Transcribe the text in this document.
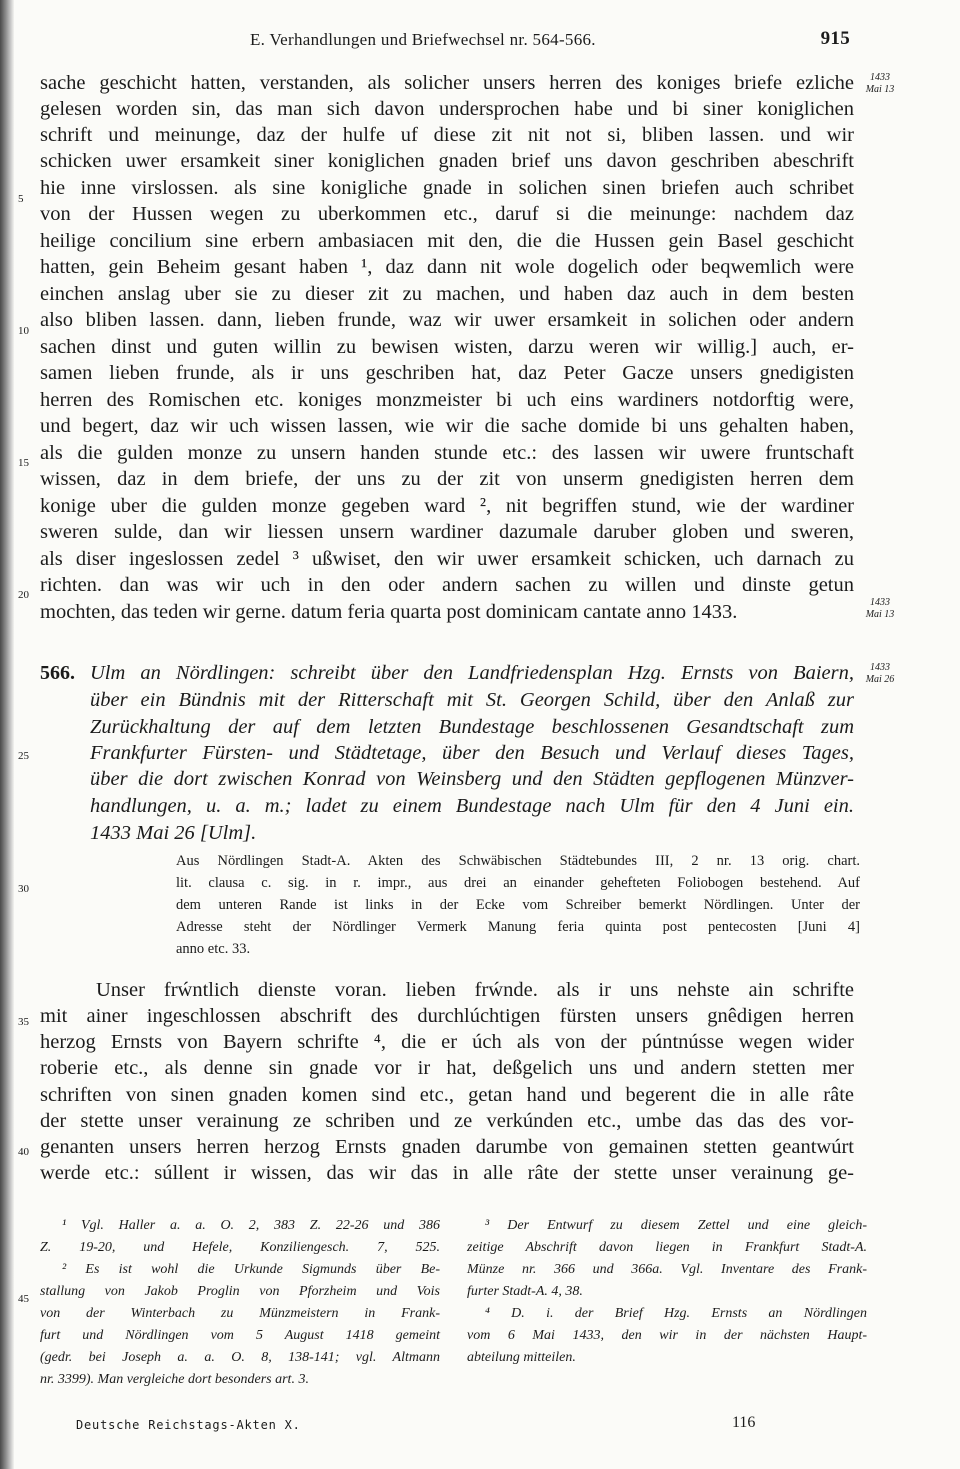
E. Verhandlungen und Briefwechsel nr. 564-566.	915
1433
Mai 13
1433
Mai 13
1433
Mai 26
5
10
15
20
25
30
35
40
45
sache geschicht hatten, verstanden, als solicher unsers herren des koniges briefe ezliche
gelesen worden sin, das man sich davon undersprochen habe und bi siner koniglichen
schrift und meinunge, daz der hulfe uf diese zit nit not si, bliben lassen. und wir
schicken uwer ersamkeit siner koniglichen gnaden brief uns davon geschriben abeschrift
hie inne virslossen. als sine konigliche gnade in solichen sinen briefen auch schribet
von der Hussen wegen zu uberkommen etc., daruf si die meinunge: nachdem daz
heilige concilium sine erbern ambasiacen mit den, die die Hussen gein Basel geschicht
hatten, gein Beheim gesant haben ¹, daz dann nit wole dogelich oder beqwemlich were
einchen anslag uber sie zu dieser zit zu machen, und haben daz auch in dem besten
also bliben lassen. dann, lieben frunde, waz wir uwer ersamkeit in solichen oder andern
sachen dinst und guten willin zu bewisen wisten, darzu weren wir willig.] auch, er-
samen lieben frunde, als ir uns geschriben hat, daz Peter Gacze unsers gnedigisten
herren des Romischen etc. koniges monzmeister bi uch eins wardiners notdorftig were,
und begert, daz wir uch wissen lassen, wie wir die sache domide bi uns gehalten haben,
als die gulden monze zu unsern handen stunde etc.: des lassen wir uwere fruntschaft
wissen, daz in dem briefe, der uns zu der zit von unserm gnedigisten herren dem
konige uber die gulden monze gegeben ward ², nit begriffen stund, wie der wardiner
sweren sulde, dan wir liessen unsern wardiner dazumale daruber globen und sweren,
als diser ingeslossen zedel ³ ußwiset, den wir uwer ersamkeit schicken, uch darnach zu
richten. dan was wir uch in den oder andern sachen zu willen und dinste getun
mochten, das teden wir gerne. datum feria quarta post dominicam cantate anno 1433.
566. Ulm an Nördlingen: schreibt über den Landfriedensplan Hzg. Ernsts von Baiern,
über ein Bündnis mit der Ritterschaft mit St. Georgen Schild, über den Anlaß zur
Zurückhaltung der auf dem letzten Bundestage beschlossenen Gesandtschaft zum
Frankfurter Fürsten- und Städtetage, über den Besuch und Verlauf dieses Tages,
über die dort zwischen Konrad von Weinsberg und den Städten gepflogenen Münzver-
handlungen, u. a. m.; ladet zu einem Bundestage nach Ulm für den 4 Juni ein.
1433 Mai 26 [Ulm].
Aus Nördlingen Stadt-A. Akten des Schwäbischen Städtebundes III, 2 nr. 13 orig. chart.
lit. clausa c. sig. in r. impr., aus drei an einander gehefteten Foliobogen bestehend. Auf
dem unteren Rande ist links in der Ecke vom Schreiber bemerkt Nördlingen. Unter der
Adresse steht der Nördlinger Vermerk Manung feria quinta post pentecosten [Juni 4]
anno etc. 33.
Unser frẃntlich dienste voran. lieben frẃnde. als ir uns nehste ain schrifte
mit ainer ingeschlossen abschrift des durchlúchtigen fürsten unsers gnêdigen herren
herzog Ernsts von Bayern schrifte ⁴, die er úch als von der púntnússe wegen wider
roberie etc., als denne sin gnade vor ir hat, deßgelich uns und andern stetten mer
schriften von sinen gnaden komen sind etc., getan hand und begerent die in alle râte
der stette unser verainung ze schriben und ze verkúnden etc., umbe das das des vor-
genanten unsers herren herzog Ernsts gnaden darumbe von gemainen stetten geantwúrt
werde etc.: súllent ir wissen, das wir das in alle râte der stette unser verainung ge-
¹ Vgl. Haller a. a. O. 2, 383 Z. 22-26 und 386
Z. 19-20, und Hefele, Konziliengesch. 7, 525.
² Es ist wohl die Urkunde Sigmunds über Be-
stallung von Jakob Proglin von Pforzheim und Vois
von der Winterbach zu Münzmeistern in Frank-
furt und Nördlingen vom 5 August 1418 gemeint
(gedr. bei Joseph a. a. O. 8, 138-141; vgl. Altmann
nr. 3399). Man vergleiche dort besonders art. 3.
³ Der Entwurf zu diesem Zettel und eine gleich-
zeitige Abschrift davon liegen in Frankfurt Stadt-A.
Münze nr. 366 und 366a. Vgl. Inventare des Frank-
furter Stadt-A. 4, 38.
⁴ D. i. der Brief Hzg. Ernsts an Nördlingen
vom 6 Mai 1433, den wir in der nächsten Haupt-
abteilung mitteilen.
Deutsche Reichstags-Akten X.	116
